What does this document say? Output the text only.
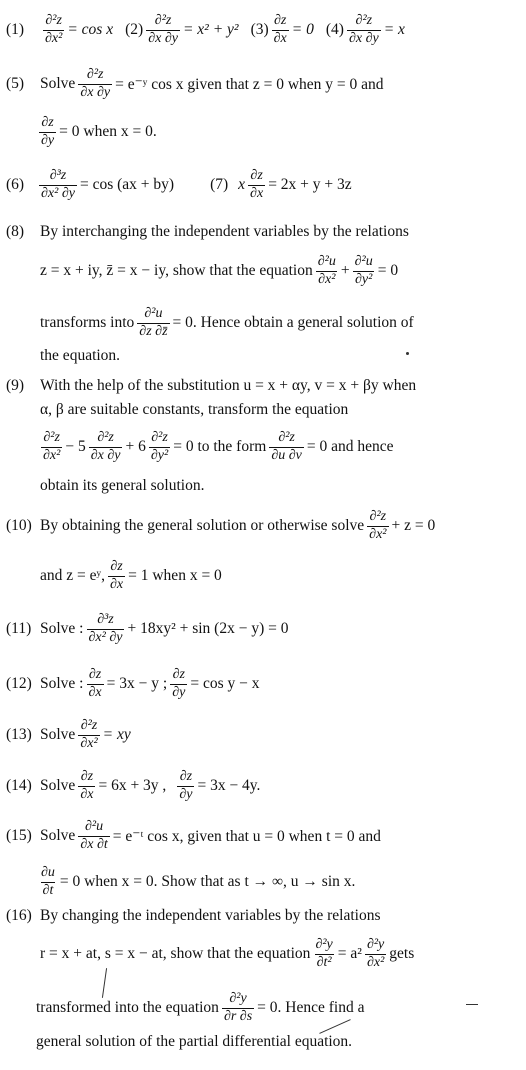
$(1) \frac{\text{∂²z}}{\text{∂x²}} = \cos x$ $(2) \frac{\text{∂²z}}{\partial x \partial y} = x^2 + y^2$ $(3) \frac{\partial z}{\partial x} = 0$ $(4) \frac{\text{∂²z}}{\partial x \partial y} = x$
(5) Solve $\frac{\text{∂²z}}{\partial x \partial y}$ = e⁻ʸ cos x given that z = 0 when y = 0 and
$\frac{\partial z}{\partial y} = 0$ when x = 0.
$(6) \frac{\text{∂³z}}{\text{∂x² ∂y}} = \cos (ax + by)$ (7) x $\frac{\partial z}{\partial x} = 2x + y + 3z$
(8) By interchanging the independent variables by the relations
z = x + iy, z̄ = x − iy, show that the equation $\frac{\text{∂²u}}{\text{∂x²}} + \frac{\text{∂²u}}{\text{∂y²}} = 0$
transforms into $\frac{\text{∂²u}}{\partial z \partial z̄} = 0$. Hence obtain a general solution of
the equation.
(9) With the help of the substitution u = x + αy, v = x + βy when
α, β are suitable constants, transform the equation
$\frac{\text{∂²z}}{\text{∂x²}} - 5 \frac{\text{∂²z}}{\partial x \partial y} + 6 \frac{\text{∂²z}}{\text{∂y²}} = 0$ to the form $\frac{\text{∂²z}}{\partial u \partial v} = 0$ and hence
obtain its general solution.
(10) By obtaining the general solution or otherwise solve $\frac{\text{∂²z}}{\text{∂x²}} + z = 0$
and z = eʸ, $\frac{\partial z}{\partial x} = 1$ when x = 0
(11) Solve : $\frac{\text{∂³z}}{\text{∂x² ∂y}} + 18xy^2 + \sin (2x - y) = 0$
(12) Solve : $\frac{\partial z}{\partial x} = 3x - y$ ; $\frac{\partial z}{\partial y} = \cos y - x$
(13) Solve $\frac{\text{∂²z}}{\text{∂x²}}$ = xy
(14) Solve $\frac{\partial z}{\partial x} = 6x + 3y$ , $\frac{\partial z}{\partial y} = 3x - 4y$.
(15) Solve $\frac{\text{∂²u}}{\partial x \partial t}$ = e⁻ᵗ cos x, given that u = 0 when t = 0 and
$\frac{\partial u}{\partial t} = 0$ when x = 0. Show that as t → ∞, u → sin x.
(16) By changing the independent variables by the relations
r = x + at, s = x − at, show that the equation $\frac{\text{∂²y}}{\text{∂t²}} = a^2 \frac{\text{∂²y}}{\text{∂x²}}$ gets
transformed into the equation $\frac{\text{∂²y}}{\partial r \partial s} = 0$. Hence find a
general solution of the partial differential equation.
